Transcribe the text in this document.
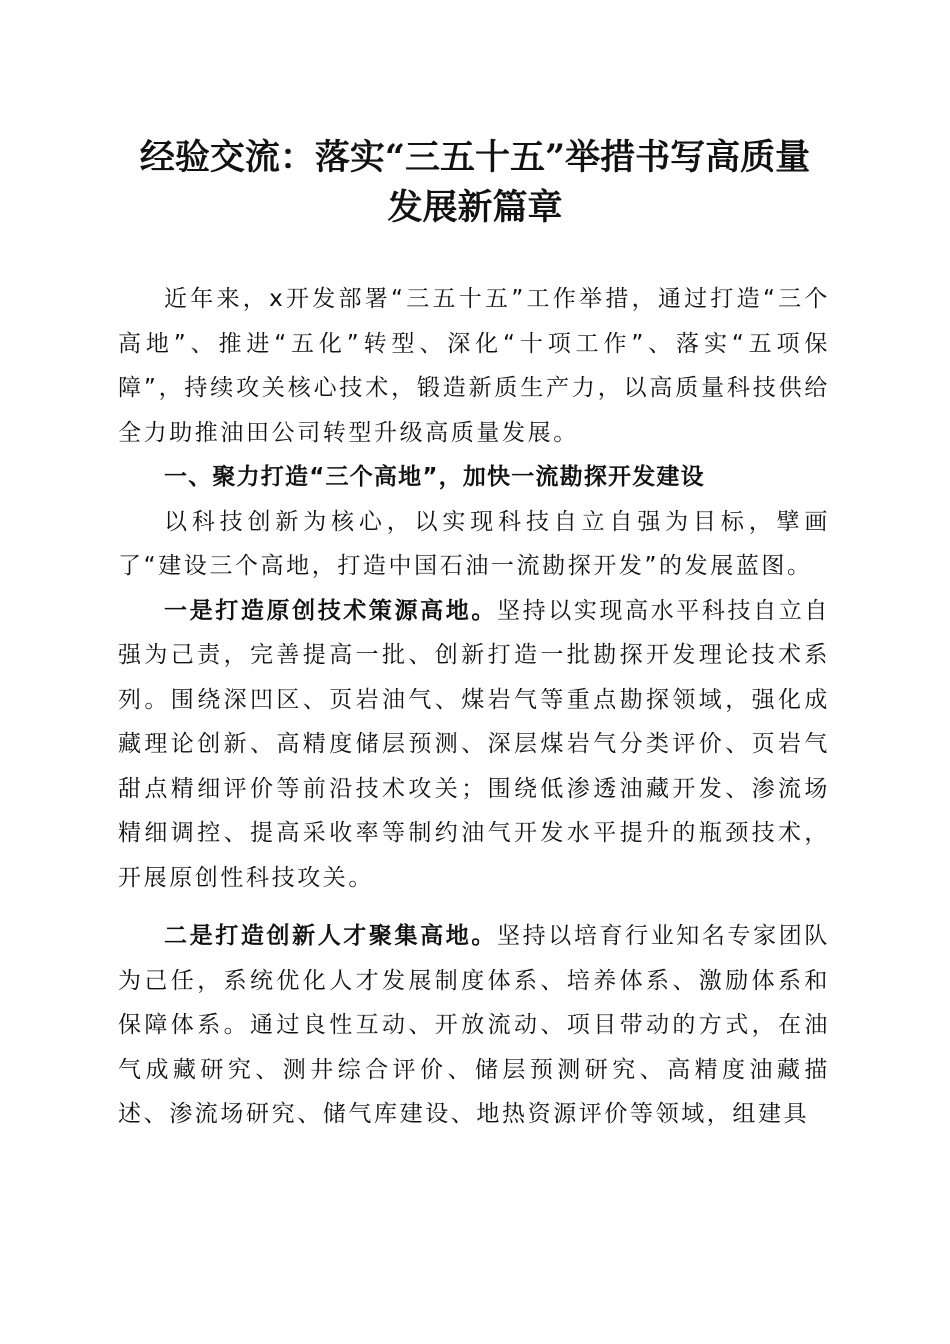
经验交流：落实“三五十五”举措书写高质量
发展新篇章

近年来，x开发部署“三五十五”工作举措，通过打造“三个高地”、推进“五化”转型、深化“十项工作”、落实“五项保障”，持续攻关核心技术，锻造新质生产力，以高质量科技供给全力助推油田公司转型升级高质量发展。

一、聚力打造“三个高地”，加快一流勘探开发建设

以科技创新为核心，以实现科技自立自强为目标，擘画了“建设三个高地，打造中国石油一流勘探开发”的发展蓝图。

一是打造原创技术策源高地。坚持以实现高水平科技自立自强为己责，完善提高一批、创新打造一批勘探开发理论技术系列。围绕深凹区、页岩油气、煤岩气等重点勘探领域，强化成藏理论创新、高精度储层预测、深层煤岩气分类评价、页岩气甜点精细评价等前沿技术攻关；围绕低渗透油藏开发、渗流场精细调控、提高采收率等制约油气开发水平提升的瓶颈技术，开展原创性科技攻关。

二是打造创新人才聚集高地。坚持以培育行业知名专家团队为己任，系统优化人才发展制度体系、培养体系、激励体系和保障体系。通过良性互动、开放流动、项目带动的方式，在油气成藏研究、测井综合评价、储层预测研究、高精度油藏描述、渗流场研究、储气库建设、地热资源评价等领域，组建具
